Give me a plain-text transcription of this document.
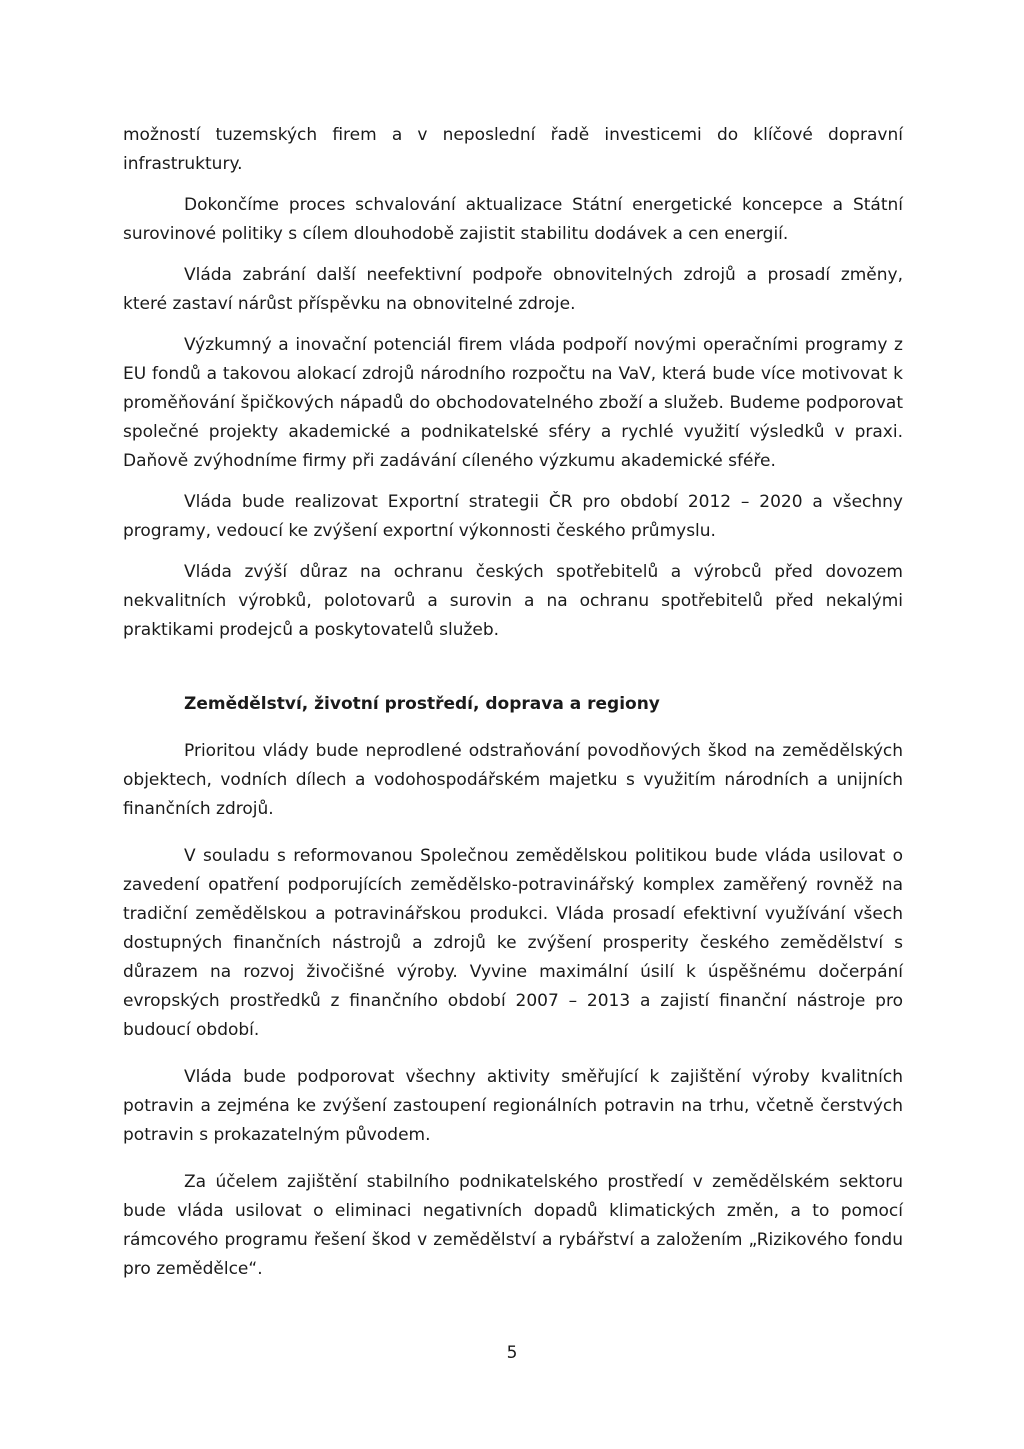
možností tuzemských firem a v neposlední řadě investicemi do klíčové dopravní infrastruktury.

Dokončíme proces schvalování aktualizace Státní energetické koncepce a Státní surovinové politiky s cílem dlouhodobě zajistit stabilitu dodávek a cen energií.

Vláda zabrání další neefektivní podpoře obnovitelných zdrojů a prosadí změny, které zastaví nárůst příspěvku na obnovitelné zdroje.

Výzkumný a inovační potenciál firem vláda podpoří novými operačními programy z EU fondů a takovou alokací zdrojů národního rozpočtu na VaV, která bude více motivovat k proměňování špičkových nápadů do obchodovatelného zboží a služeb. Budeme podporovat společné projekty akademické a podnikatelské sféry a rychlé využití výsledků v praxi. Daňově zvýhodníme firmy při zadávání cíleného výzkumu akademické sféře.

Vláda bude realizovat Exportní strategii ČR pro období 2012 – 2020 a všechny programy, vedoucí ke zvýšení exportní výkonnosti českého průmyslu.

Vláda zvýší důraz na ochranu českých spotřebitelů a výrobců před dovozem nekvalitních výrobků, polotovarů a surovin a na ochranu spotřebitelů před nekalými praktikami prodejců a poskytovatelů služeb.

Zemědělství, životní prostředí, doprava a regiony

Prioritou vlády bude neprodlené odstraňování povodňových škod na zemědělských objektech, vodních dílech a vodohospodářském majetku s využitím národních a unijních finančních zdrojů.

V souladu s reformovanou Společnou zemědělskou politikou bude vláda usilovat o zavedení opatření podporujících zemědělsko-potravinářský komplex zaměřený rovněž na tradiční zemědělskou a potravinářskou produkci. Vláda prosadí efektivní využívání všech dostupných finančních nástrojů a zdrojů ke zvýšení prosperity českého zemědělství s důrazem na rozvoj živočišné výroby. Vyvine maximální úsilí k úspěšnému dočerpání evropských prostředků z finančního období 2007 – 2013 a zajistí finanční nástroje pro budoucí období.

Vláda bude podporovat všechny aktivity směřující k zajištění výroby kvalitních potravin a zejména ke zvýšení zastoupení regionálních potravin na trhu, včetně čerstvých potravin s prokazatelným původem.

Za účelem zajištění stabilního podnikatelského prostředí v zemědělském sektoru bude vláda usilovat o eliminaci negativních dopadů klimatických změn, a to pomocí rámcového programu řešení škod v zemědělství a rybářství a založením „Rizikového fondu pro zemědělce“.

5
